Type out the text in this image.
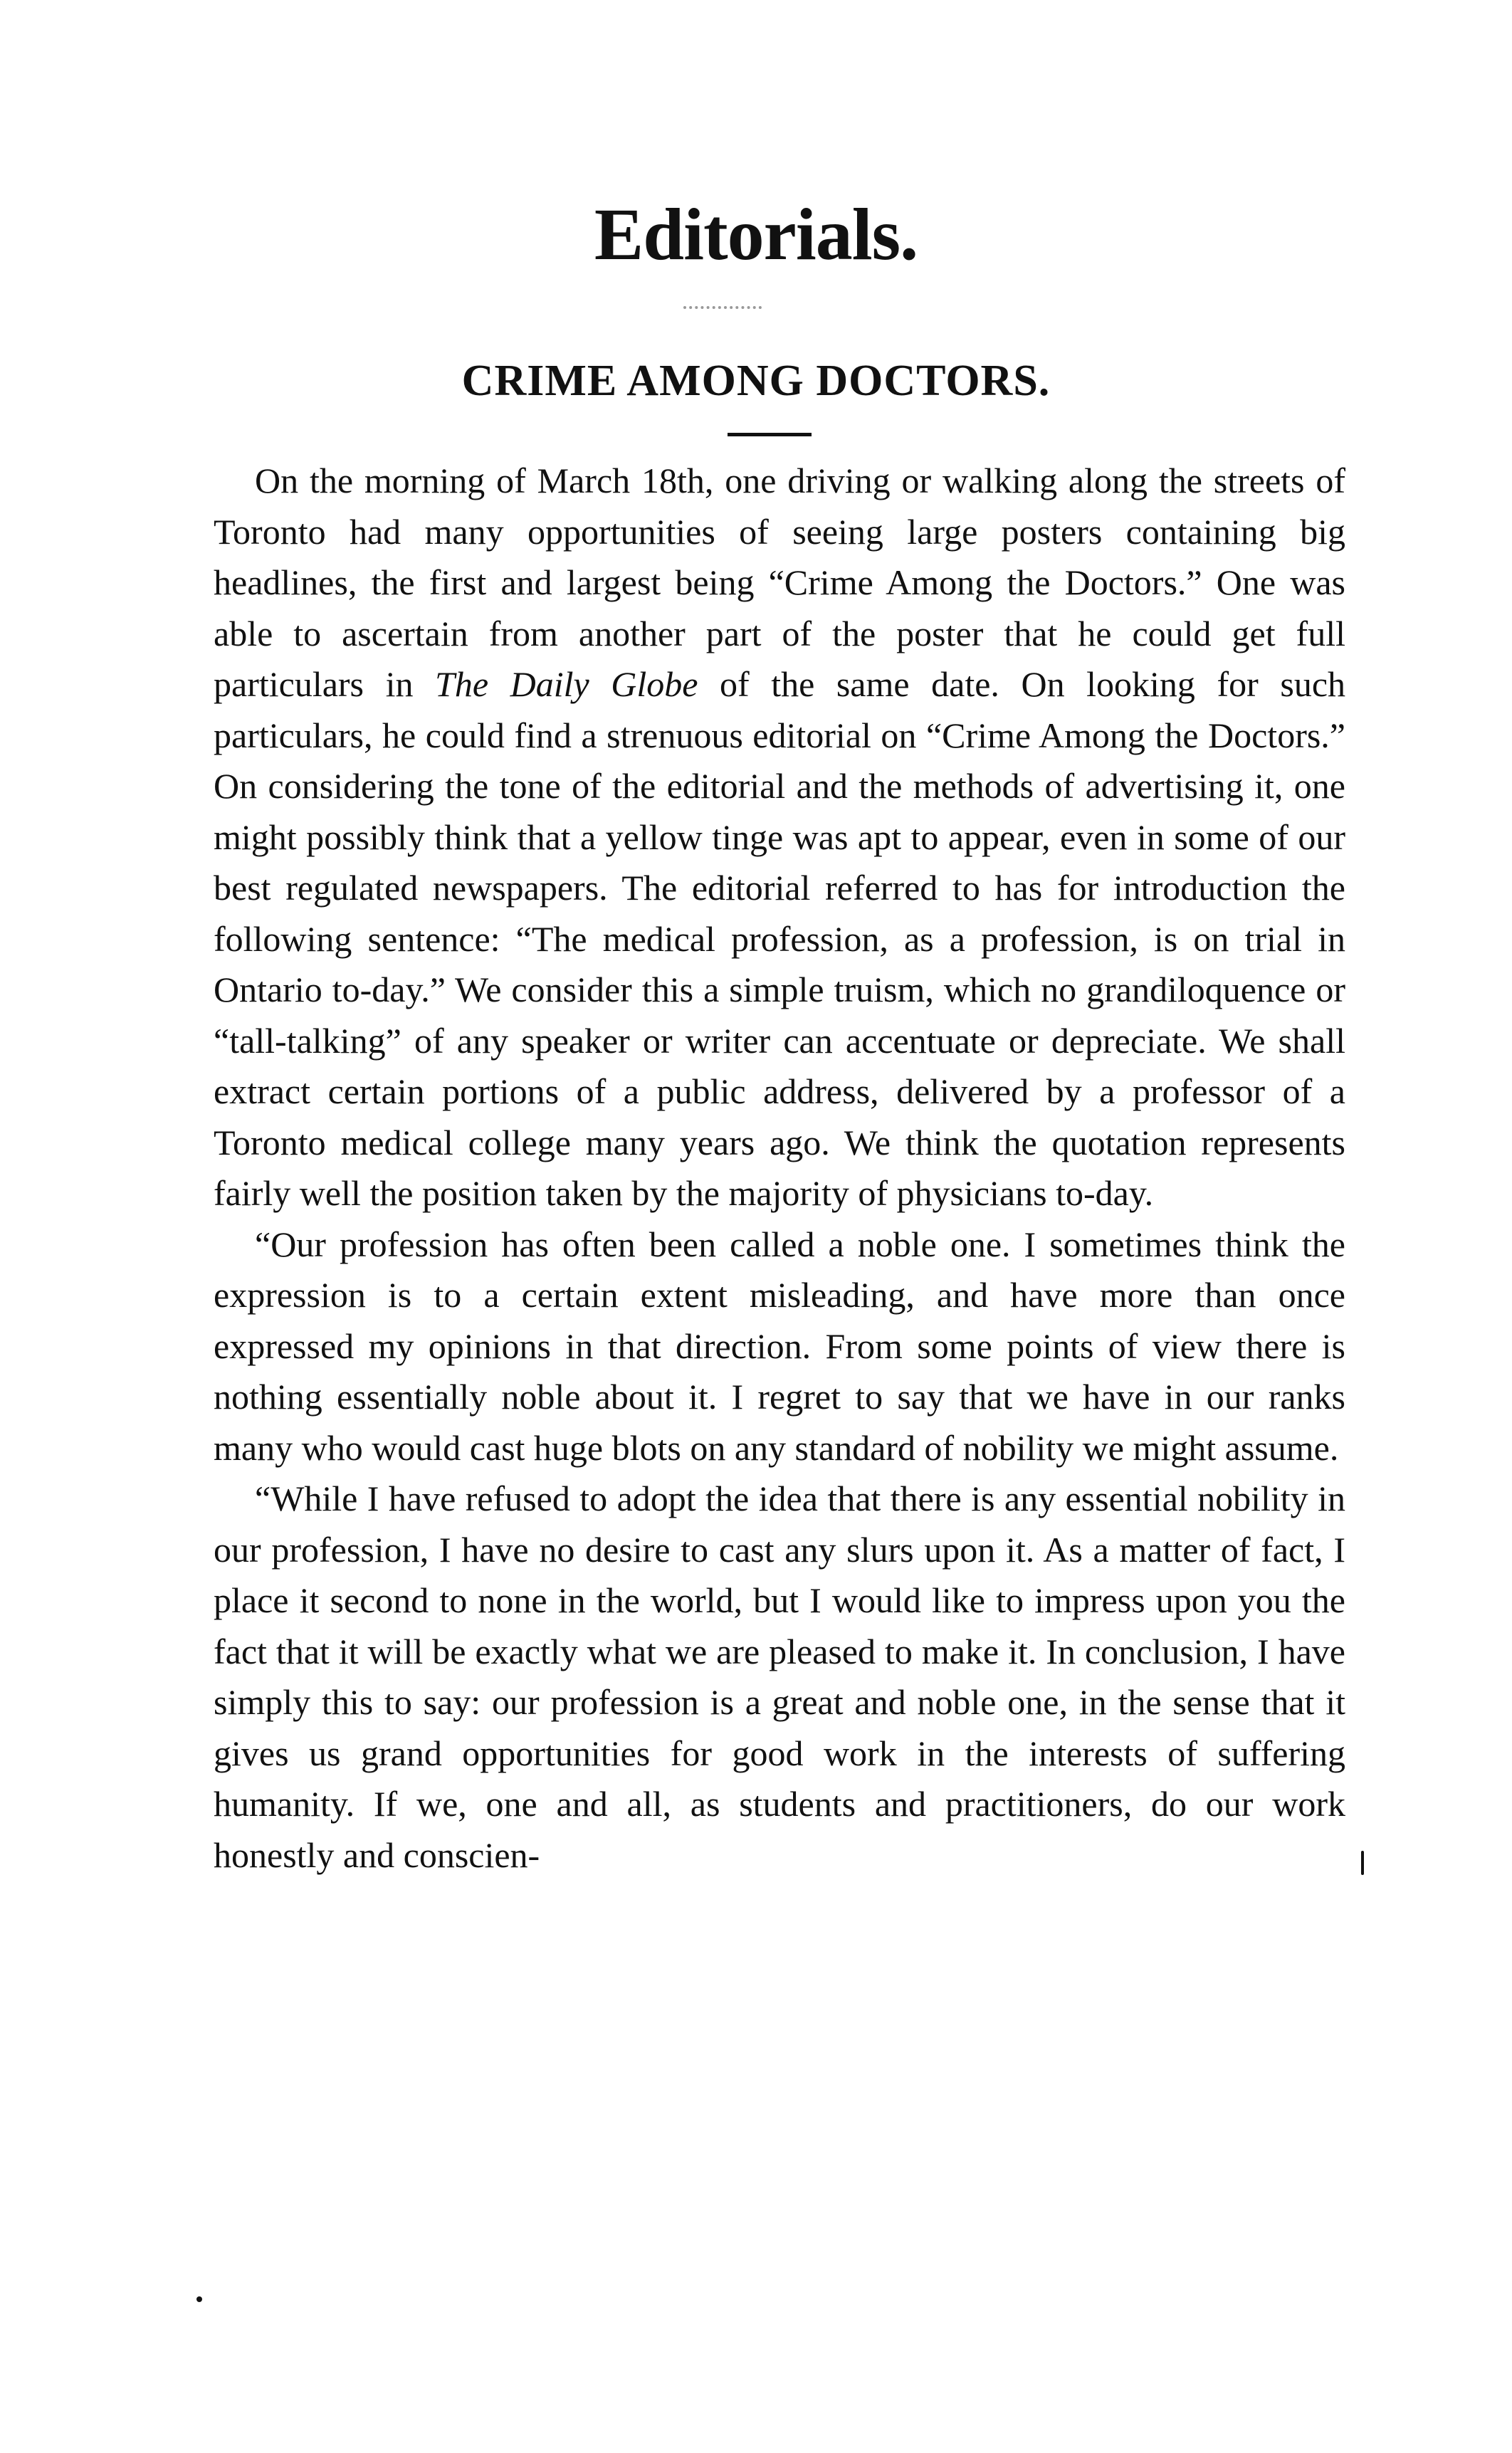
Editorials.
CRIME AMONG DOCTORS.

On the morning of March 18th, one driving or walking along the streets of Toronto had many opportunities of seeing large posters containing big headlines, the first and largest being “Crime Among the Doctors.” One was able to ascertain from another part of the poster that he could get full particulars in The Daily Globe of the same date. On looking for such particulars, he could find a strenuous editorial on “Crime Among the Doctors.” On considering the tone of the editorial and the methods of advertising it, one might possibly think that a yellow tinge was apt to appear, even in some of our best regulated newspapers. The editorial referred to has for introduction the following sentence: “The medical profession, as a profession, is on trial in Ontario to-day.” We consider this a simple truism, which no grandiloquence or “tall-talking” of any speaker or writer can accentuate or depreciate. We shall extract certain portions of a public address, delivered by a professor of a Toronto medical college many years ago. We think the quotation represents fairly well the position taken by the majority of physicians to-day.

“Our profession has often been called a noble one. I sometimes think the expression is to a certain extent misleading, and have more than once expressed my opinions in that direction. From some points of view there is nothing essentially noble about it. I regret to say that we have in our ranks many who would cast huge blots on any standard of nobility we might assume.

“While I have refused to adopt the idea that there is any essential nobility in our profession, I have no desire to cast any slurs upon it. As a matter of fact, I place it second to none in the world, but I would like to impress upon you the fact that it will be exactly what we are pleased to make it. In conclusion, I have simply this to say: our profession is a great and noble one, in the sense that it gives us grand opportunities for good work in the interests of suffering humanity. If we, one and all, as students and practitioners, do our work honestly and conscien-
